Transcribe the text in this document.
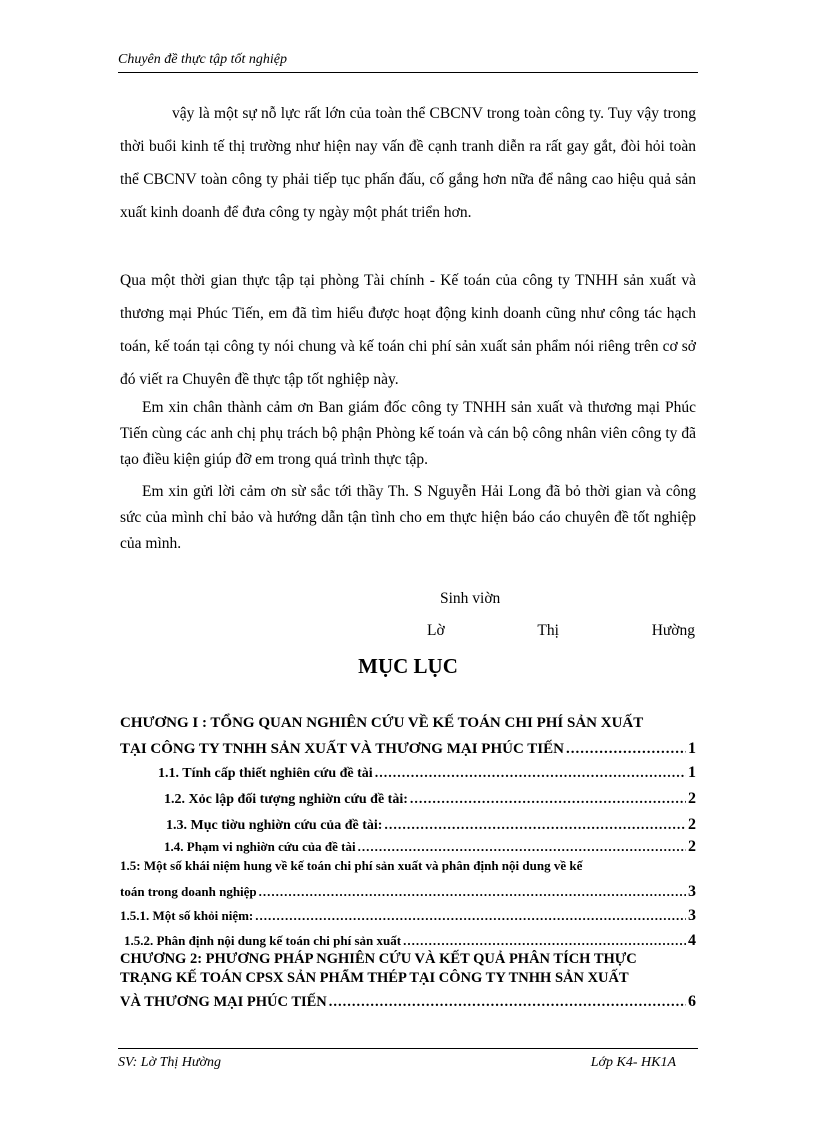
Chuyên đề thực tập tốt nghiệp

vậy là một sự nỗ lực rất lớn của toàn thể CBCNV trong toàn công ty. Tuy vậy trong thời buổi kinh tế thị trường như hiện nay vấn đề cạnh tranh diễn ra rất gay gắt, đòi hỏi toàn thể CBCNV toàn công ty phải tiếp tục phấn đấu, cố gắng hơn nữa để nâng cao hiệu quả sản xuất kinh doanh để đưa công ty ngày một phát triển hơn.

Qua một thời gian thực tập tại phòng Tài chính - Kế toán của công ty TNHH sản xuất và thương mại Phúc Tiến, em đã tìm hiểu được hoạt động kinh doanh cũng như công tác hạch toán, kế toán tại công ty nói chung và kế toán chi phí sản xuất sản phẩm nói riêng trên cơ sở đó viết ra Chuyên đề thực tập tốt nghiệp này.

Em xin chân thành cảm ơn Ban giám đốc công ty TNHH sản xuất và thương mại Phúc Tiến cùng các anh chị phụ trách bộ phận Phòng kế toán và cán bộ công nhân viên công ty đã tạo điều kiện giúp đỡ em trong quá trình thực tập.

Em xin gửi lời cảm ơn sừ sắc tới thầy Th. S Nguyễn Hải Long đã bỏ thời gian và công sức của mình chỉ bảo và hướng dẫn tận tình cho em thực hiện báo cáo chuyên đề tốt nghiệp của mình.

Sinh viờn
Lờ	Thị	Hường
MỤC LỤC
CHƯƠNG I : TỔNG QUAN NGHIÊN CỨU VỀ KẾ TOÁN CHI PHÍ SẢN XUẤT
TẠI CÔNG TY TNHH SẢN XUẤT VÀ THƯƠNG MẠI PHÚC TIẾN .....	1
1.1. Tính cấp thiết nghiên cứu đề tài .....	1
1.2. Xỏc lập đối tượng nghiờn cứu đề tài: .....	2
1.3. Mục tiờu nghiờn cứu của đề tài: .....	2
1.4. Phạm vi nghiờn cứu của đề tài .....	2
1.5: Một số khái niệm hung về kế toán chi phí sản xuất và phân định nội dung về kế
toán trong doanh nghiệp .....	3
1.5.1. Một số khỏi niệm: .....	3
1.5.2. Phân định nội dung kế toán chi phí sản xuất .....	4
CHƯƠNG 2: PHƯƠNG PHÁP NGHIÊN CỨU VÀ KẾT QUẢ PHÂN TÍCH THỰC
TRẠNG KẾ TOÁN CPSX SẢN PHẨM THÉP TẠI CÔNG TY TNHH SẢN XUẤT
VÀ THƯƠNG MẠI PHÚC TIẾN .....	6
SV: Lờ Thị Hường	Lớp K4- HK1A
